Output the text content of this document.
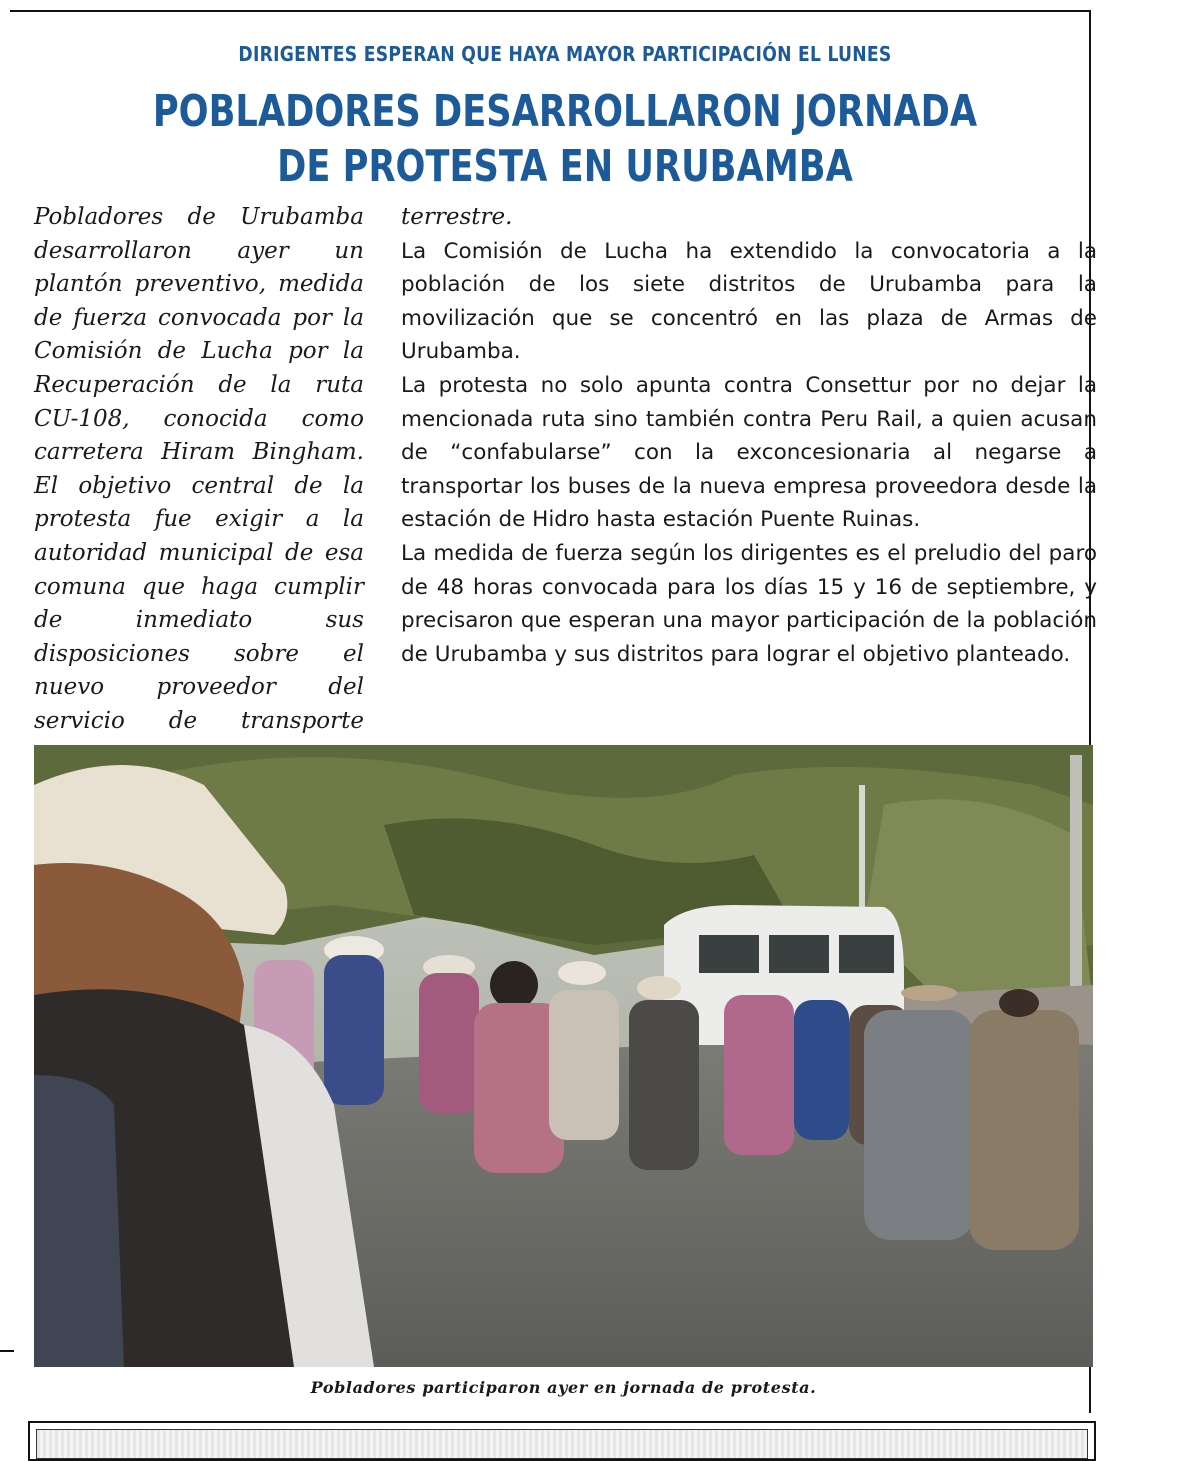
DIRIGENTES ESPERAN QUE HAYA MAYOR PARTICIPACIÓN EL LUNES
POBLADORES DESARROLLARON JORNADA
DE PROTESTA EN URUBAMBA

Pobladores de Urubamba desarrollaron ayer un plantón preventivo, medida de fuerza convocada por la Comisión de Lucha por la Recuperación de la ruta CU-108, conocida como carretera Hiram Bingham. El objetivo central de la protesta fue exigir a la autoridad municipal de esa comuna que haga cumplir de inmediato sus disposiciones sobre el nuevo proveedor del servicio de transporte

terrestre.

La Comisión de Lucha ha extendido la convocatoria a la población de los siete distritos de Urubamba para la movilización que se concentró en las plaza de Armas de Urubamba.

La protesta no solo apunta contra Consettur por no dejar la mencionada ruta sino también contra Peru Rail, a quien acusan de “confabularse” con la exconcesionaria al negarse a transportar los buses de la nueva empresa proveedora desde la estación de Hidro hasta estación Puente Ruinas.

La medida de fuerza según los dirigentes es el preludio del paro de 48 horas convocada para los días 15 y 16 de septiembre, y precisaron que esperan una mayor participación de la población de Urubamba y sus distritos para lograr el objetivo planteado.

Pobladores participaron ayer en jornada de protesta.
